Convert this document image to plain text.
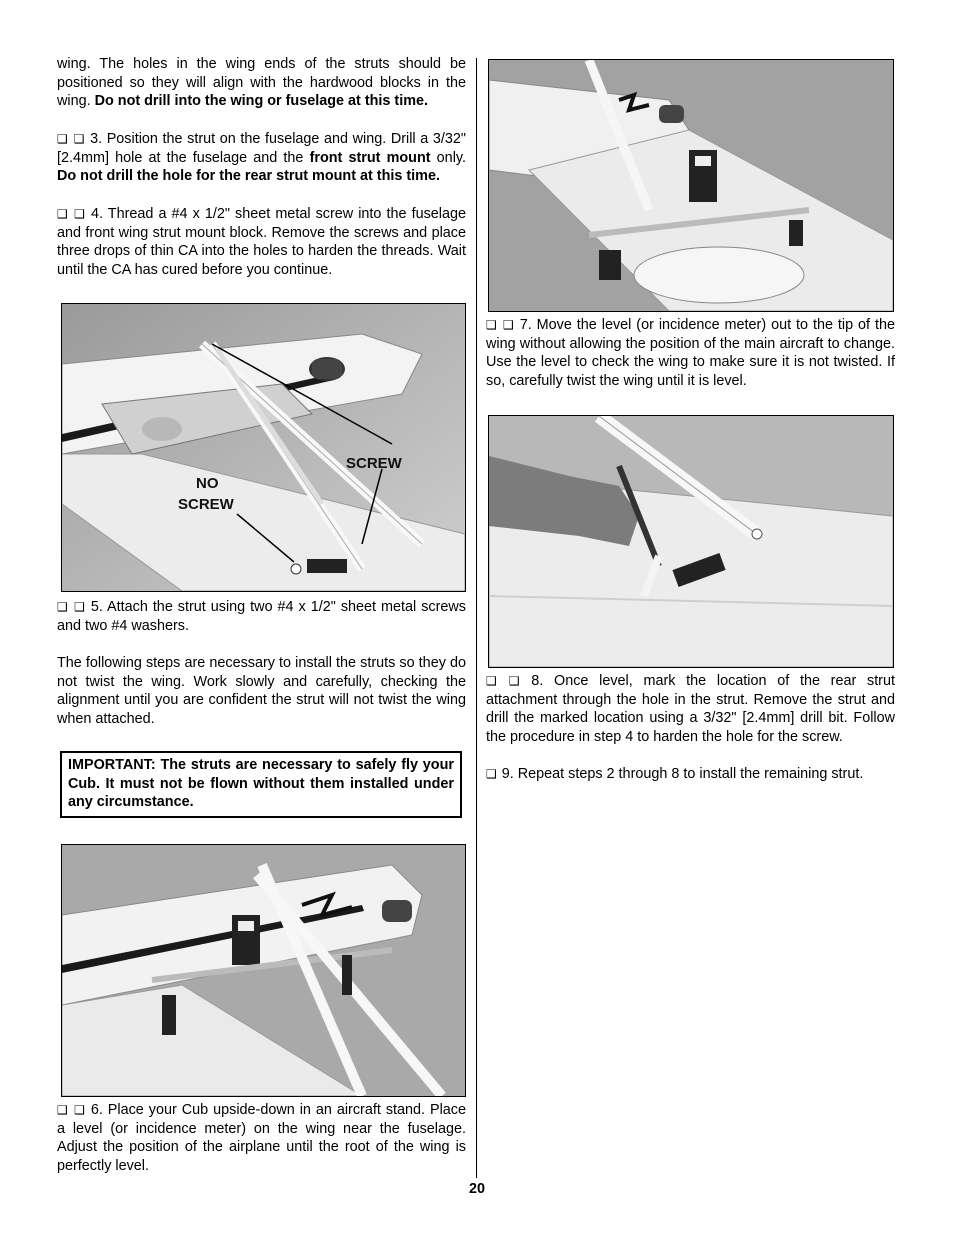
wing. The holes in the wing ends of the struts should be positioned so they will align with the hardwood blocks in the wing. Do not drill into the wing or fuselage at this time.

❑ ❑ 3. Position the strut on the fuselage and wing. Drill a 3/32" [2.4mm] hole at the fuselage and the front strut mount only. Do not drill the hole for the rear strut mount at this time.

❑ ❑ 4. Thread a #4 x 1/2" sheet metal screw into the fuselage and front wing strut mount block. Remove the screws and place three drops of thin CA into the holes to harden the threads. Wait until the CA has cured before you continue.

❑ ❑ 5. Attach the strut using two #4 x 1/2" sheet metal screws and two #4 washers.

The following steps are necessary to install the struts so they do not twist the wing. Work slowly and carefully, checking the alignment until you are confident the strut will not twist the wing when attached.

❑ ❑ 6. Place your Cub upside-down in an aircraft stand. Place a level (or incidence meter) on the wing near the fuselage. Adjust the position of the airplane until the root of the wing is perfectly level.

SCREW
NO
SCREW
IMPORTANT: The struts are necessary to safely fly your Cub. It must not be flown without them installed under any circumstance.

❑ ❑ 7. Move the level (or incidence meter) out to the tip of the wing without allowing the position of the main aircraft to change. Use the level to check the wing to make sure it is not twisted. If so, carefully twist the wing until it is level.

❑ ❑ 8. Once level, mark the location of the rear strut attachment through the hole in the strut. Remove the strut and drill the marked location using a 3/32" [2.4mm] drill bit. Follow the procedure in step 4 to harden the hole for the screw.

❑ 9. Repeat steps 2 through 8 to install the remaining strut.

20
